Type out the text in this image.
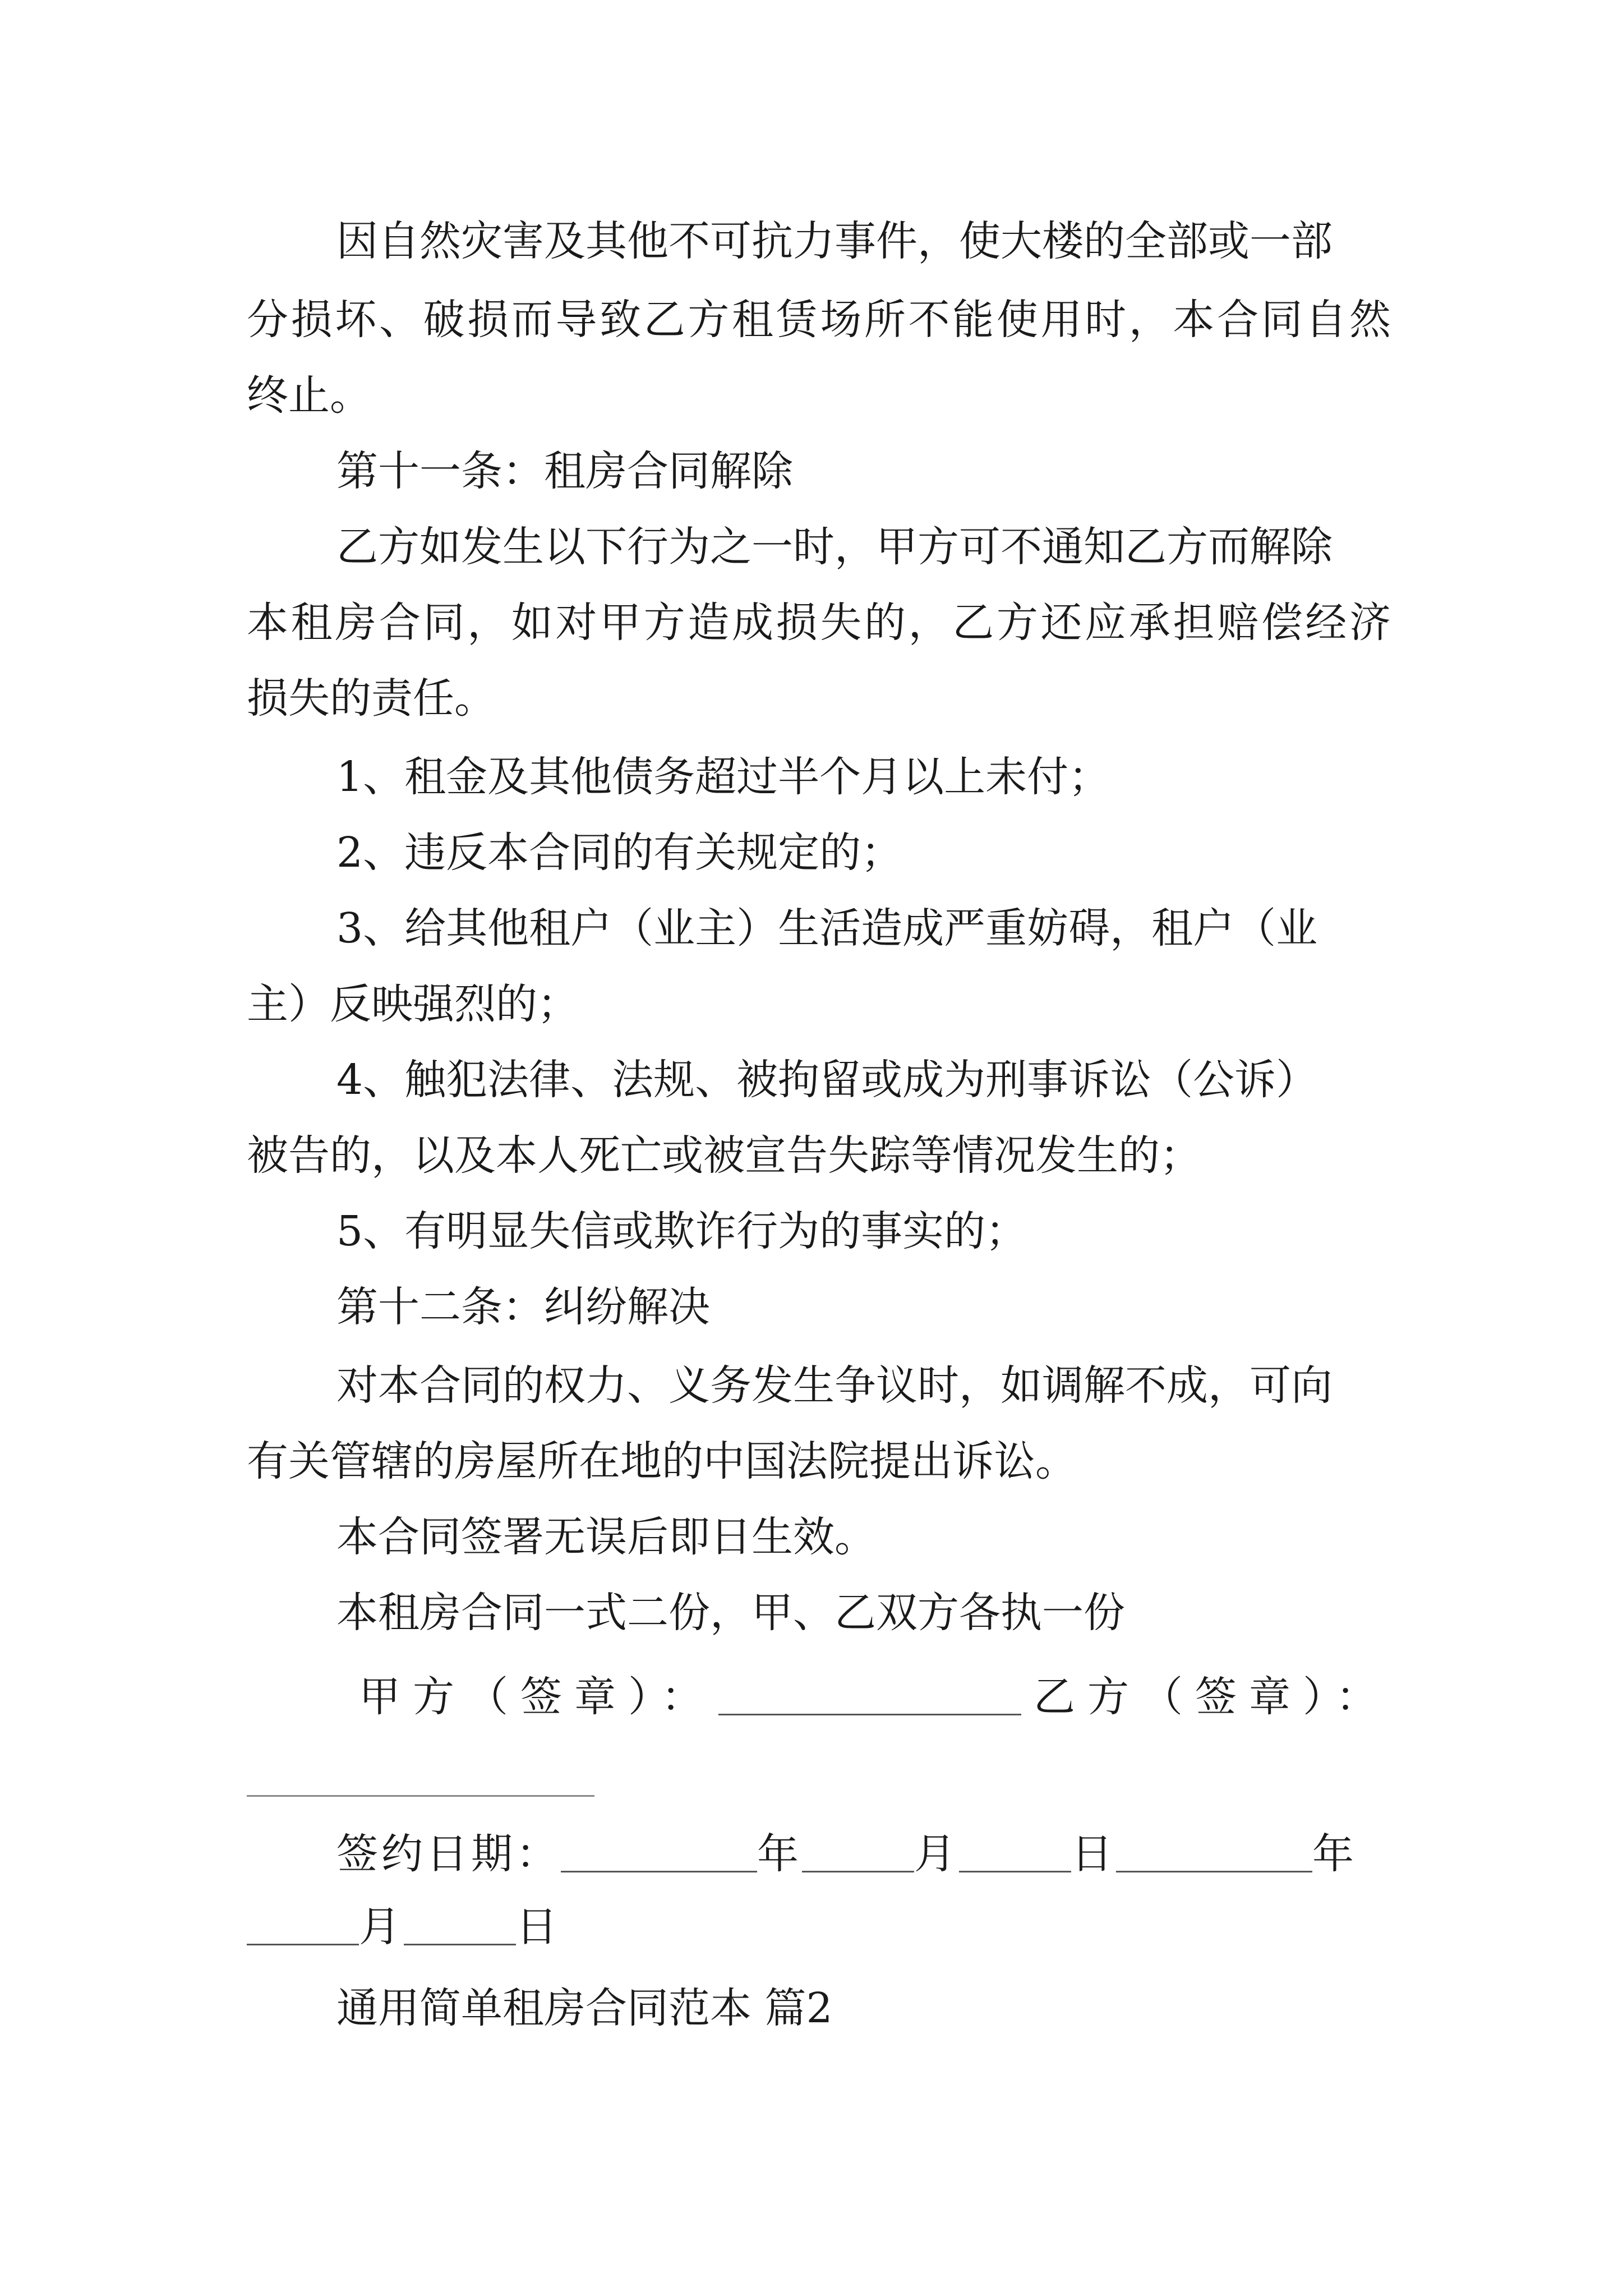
因自然灾害及其他不可抗力事件，使大楼的全部或一部
分损坏、破损而导致乙方租赁场所不能使用时，本合同自然
终止。
第十一条：租房合同解除
乙方如发生以下行为之一时，甲方可不通知乙方而解除
本租房合同，如对甲方造成损失的，乙方还应承担赔偿经济
损失的责任。
1、租金及其他债务超过半个月以上未付；
2、违反本合同的有关规定的；
3、给其他租户（业主）生活造成严重妨碍，租户（业
主）反映强烈的；
4、触犯法律、法规、被拘留或成为刑事诉讼（公诉）
被告的，以及本人死亡或被宣告失踪等情况发生的；
5、有明显失信或欺诈行为的事实的；
第十二条：纠纷解决
对本合同的权力、义务发生争议时，如调解不成，可向
有关管辖的房屋所在地的中国法院提出诉讼。
本合同签署无误后即日生效。
本租房合同一式二份，甲、乙双方各执一份
甲方（签章）：	乙方（签章）：
签约日期：	年	月	日	年
月	日
通用简单租房合同范本 篇2
